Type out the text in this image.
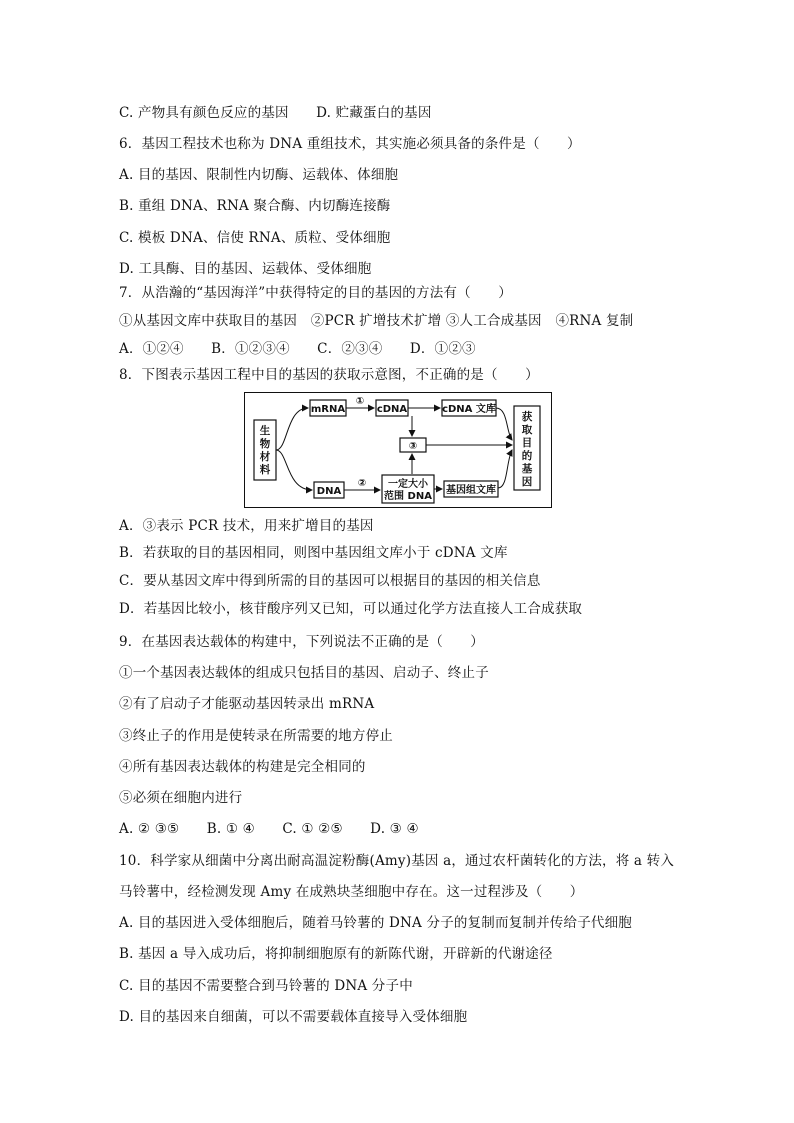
C. 产物具有颜色反应的基因　　D. 贮藏蛋白的基因
6．基因工程技术也称为 DNA 重组技术，其实施必须具备的条件是（　　）
A. 目的基因、限制性内切酶、运载体、体细胞
B. 重组 DNA、RNA 聚合酶、内切酶连接酶
C. 模板 DNA、信使 RNA、质粒、受体细胞
D. 工具酶、目的基因、运载体、受体细胞
7．从浩瀚的“基因海洋”中获得特定的目的基因的方法有（　　）
①从基因文库中获取目的基因　②PCR 扩增技术扩增 ③人工合成基因　④RNA 复制
A．①②④　　B．①②③④　　C．②③④　　D．①②③
8．下图表示基因工程中目的基因的获取示意图，不正确的是（　　）
生
物
材
料
mRNA
①
cDNA	cDNA 文库
③
DNA
② 一定大小
范围 DNA
基因组文库
获
取
目
的
基
因
A．③表示 PCR 技术，用来扩增目的基因
B．若获取的目的基因相同，则图中基因组文库小于 cDNA 文库
C．要从基因文库中得到所需的目的基因可以根据目的基因的相关信息
D．若基因比较小，核苷酸序列又已知，可以通过化学方法直接人工合成获取
9．在基因表达载体的构建中，下列说法不正确的是（　　）
①一个基因表达载体的组成只包括目的基因、启动子、终止子
②有了启动子才能驱动基因转录出 mRNA
③终止子的作用是使转录在所需要的地方停止
④所有基因表达载体的构建是完全相同的
⑤必须在细胞内进行
A. ② ③⑤　　B. ① ④　　C. ① ②⑤　　D. ③ ④
10．科学家从细菌中分离出耐高温淀粉酶(Amy)基因 a，通过农杆菌转化的方法，将 a 转入
马铃薯中，经检测发现 Amy 在成熟块茎细胞中存在。这一过程涉及（　　）
A. 目的基因进入受体细胞后，随着马铃薯的 DNA 分子的复制而复制并传给子代细胞
B. 基因 a 导入成功后，将抑制细胞原有的新陈代谢，开辟新的代谢途径
C. 目的基因不需要整合到马铃薯的 DNA 分子中
D. 目的基因来自细菌，可以不需要载体直接导入受体细胞
